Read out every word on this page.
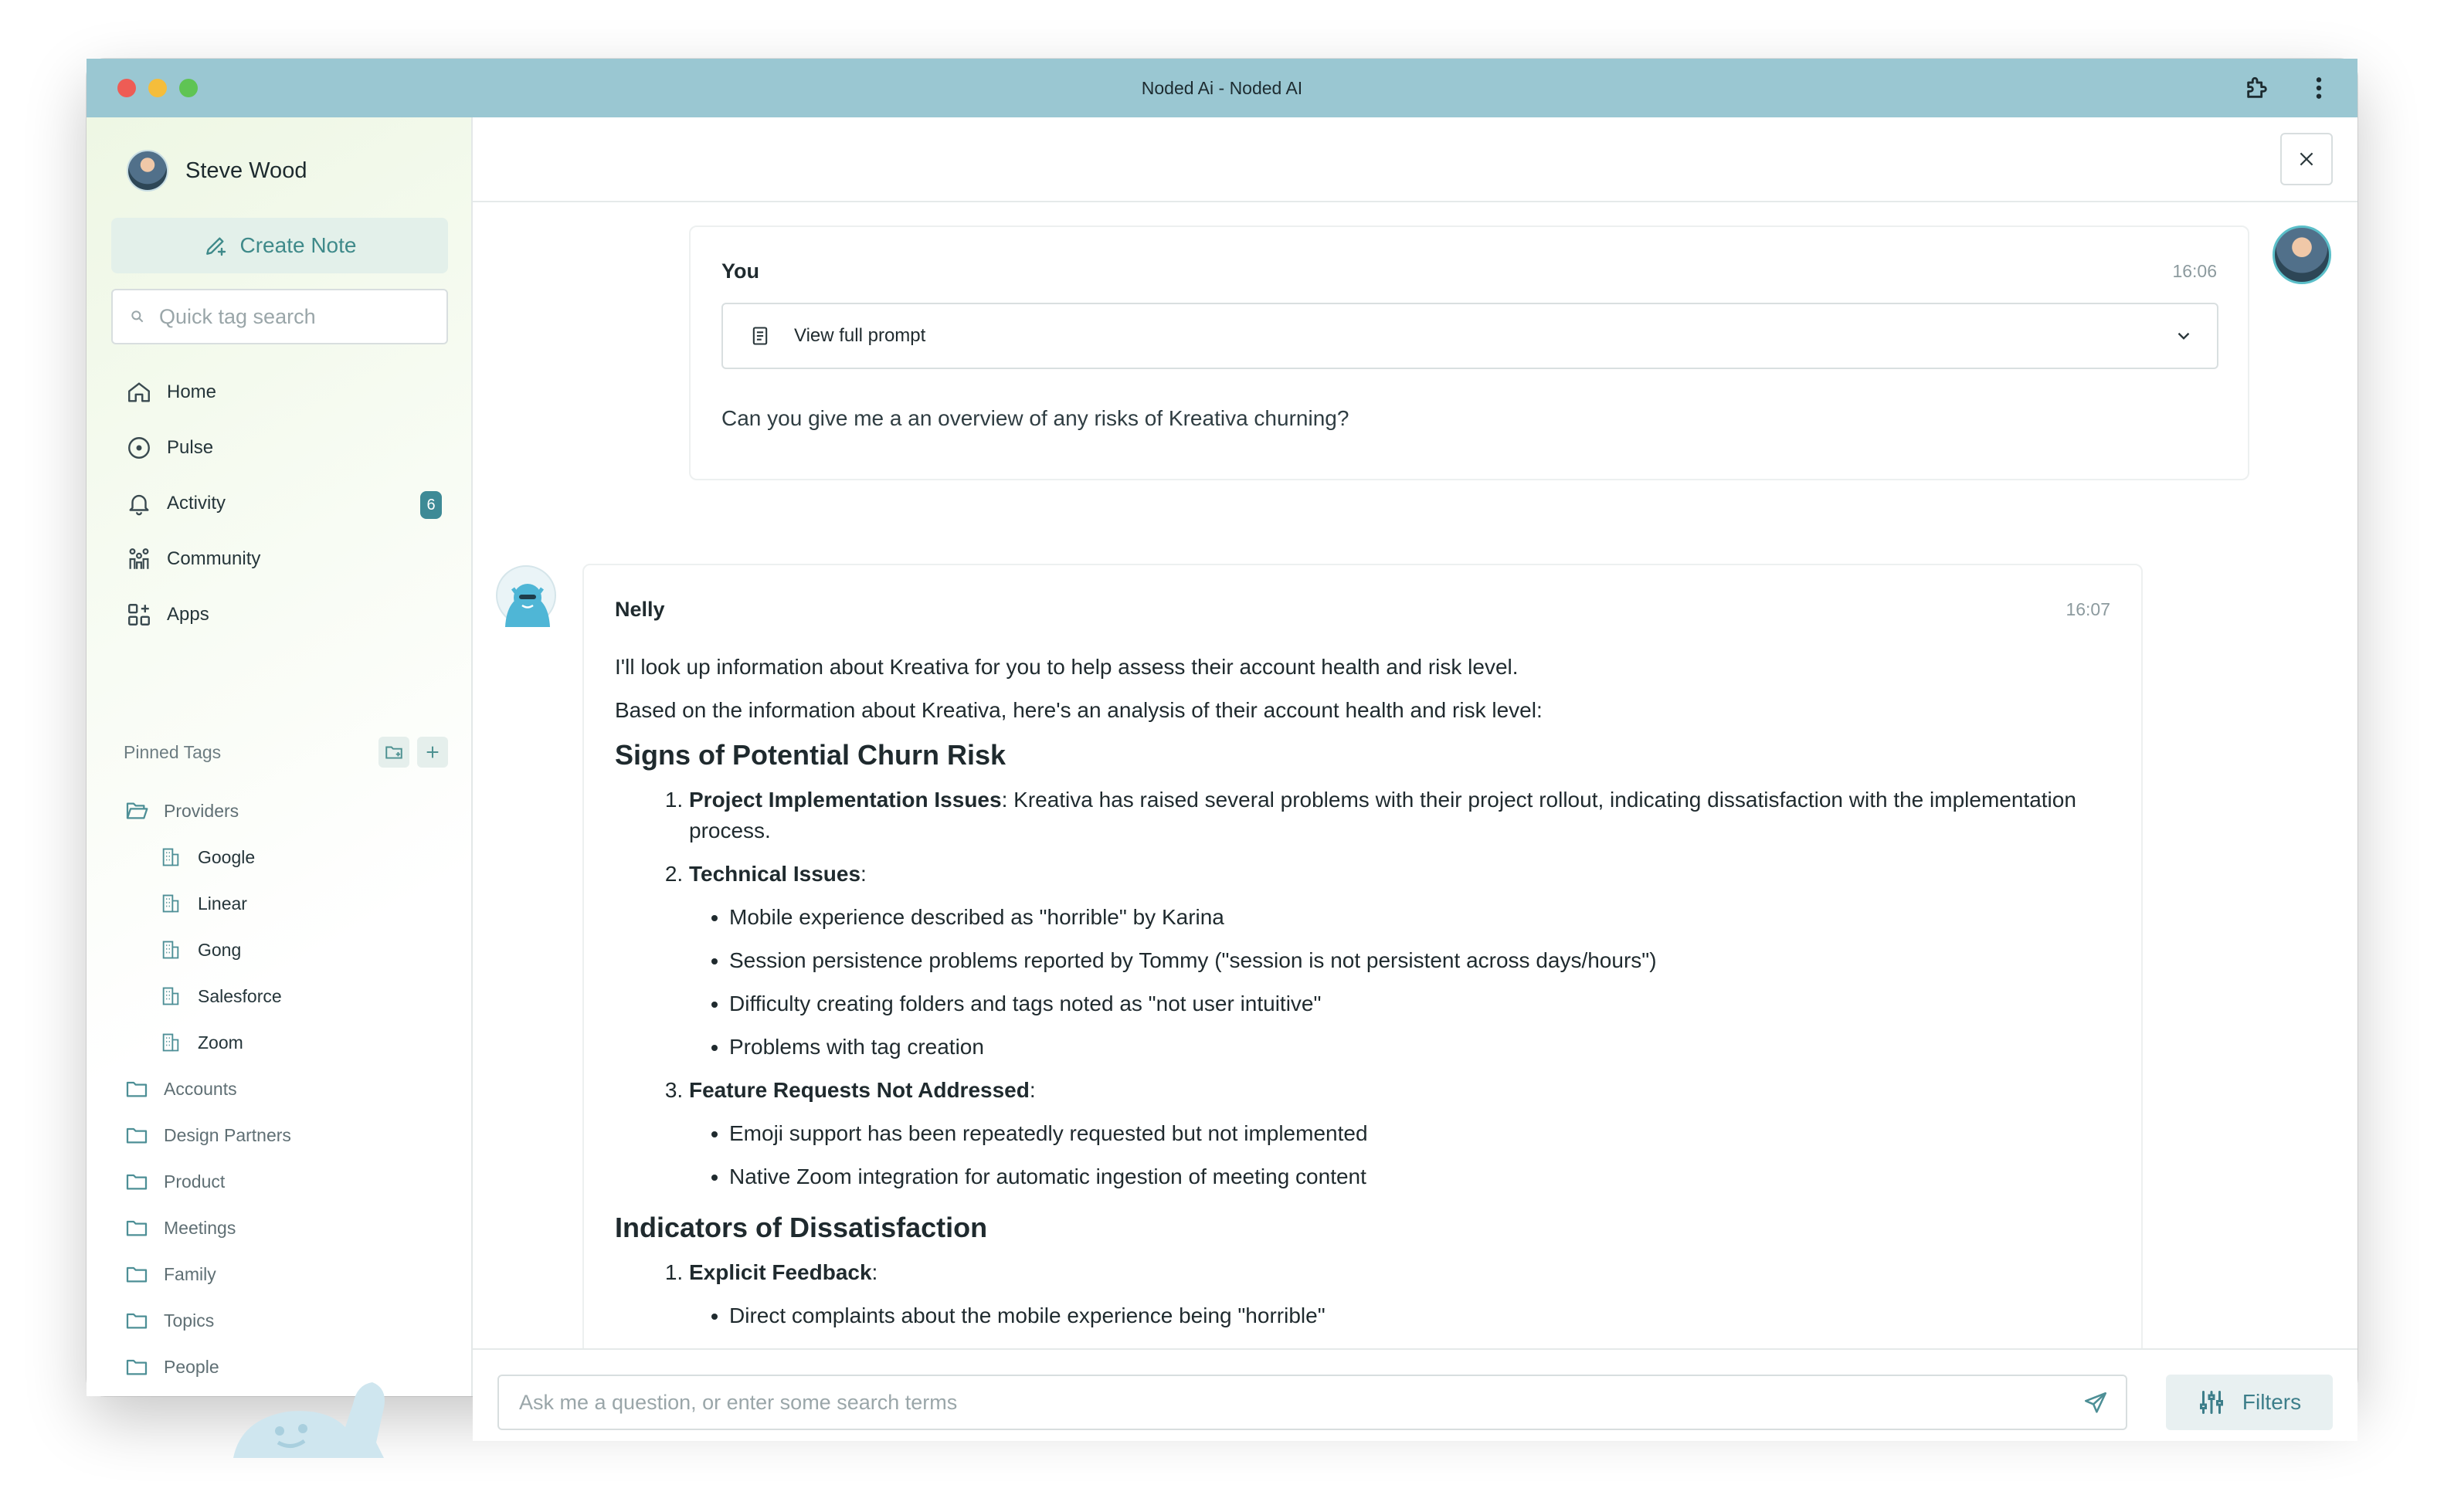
Noded Ai - Noded AI
Steve Wood
Create Note
Quick tag search
Home
Pulse
Activity	6
Community
Apps
Pinned Tags
Providers
Google
Linear
Gong
Salesforce
Zoom
Accounts
Design Partners
Product
Meetings
Family
Topics
People
You	16:06
View full prompt
Can you give me a an overview of any risks of Kreativa churning?
Nelly	16:07

I'll look up information about Kreativa for you to help assess their account health and risk level.

Based on the information about Kreativa, here's an analysis of their account health and risk level:

Signs of Potential Churn Risk
1. Project Implementation Issues: Kreativa has raised several problems with their project rollout, indicating dissatisfaction with the implementation process.
2. Technical Issues:
• Mobile experience described as "horrible" by Karina
• Session persistence problems reported by Tommy ("session is not persistent across days/hours")
• Difficulty creating folders and tags noted as "not user intuitive"
• Problems with tag creation
3. Feature Requests Not Addressed:
• Emoji support has been repeatedly requested but not implemented
• Native Zoom integration for automatic ingestion of meeting content
Indicators of Dissatisfaction
1. Explicit Feedback:
• Direct complaints about the mobile experience being "horrible"
Ask me a question, or enter some search terms	Filters
